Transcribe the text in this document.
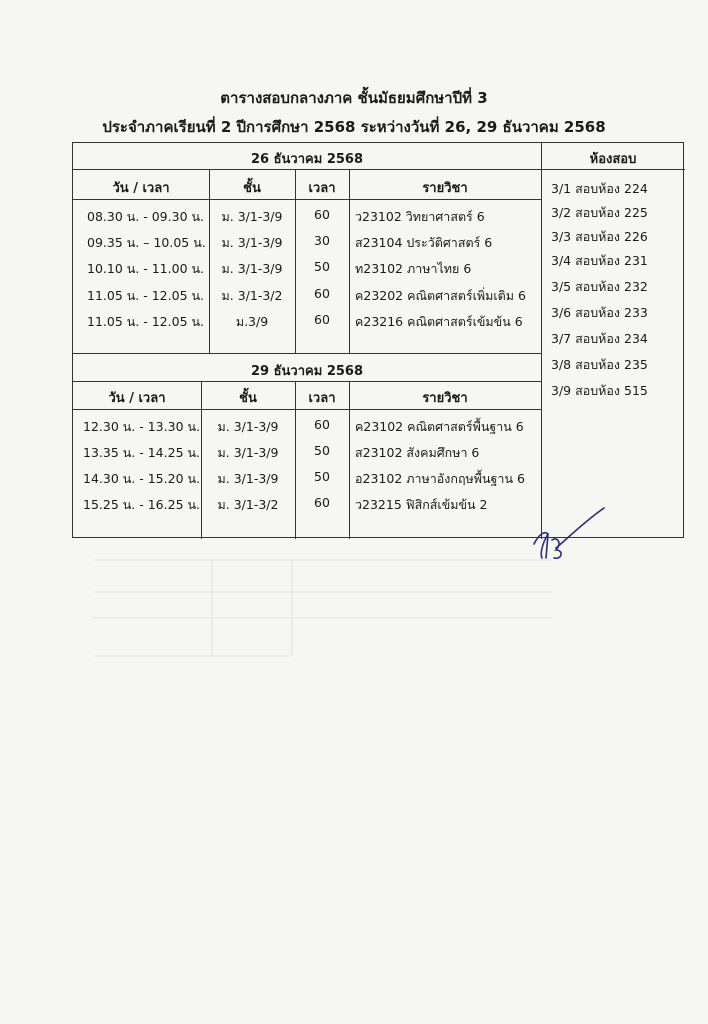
ตารางสอบกลางภาค ชั้นมัธยมศึกษาปีที่ 3
ประจำภาคเรียนที่ 2 ปีการศึกษา 2568 ระหว่างวันที่ 26, 29 ธันวาคม 2568
26 ธันวาคม 2568
วัน / เวลา	ชั้น	เวลา	รายวิชา
08.30 น. - 09.30 น.	ม. 3/1-3/9	60	ว23102 วิทยาศาสตร์ 6
09.35 น. – 10.05 น.	ม. 3/1-3/9	30	ส23104 ประวัติศาสตร์ 6
10.10 น. - 11.00 น.	ม. 3/1-3/9	50	ท23102 ภาษาไทย 6
11.05 น. - 12.05 น.	ม. 3/1-3/2	60	ค23202 คณิตศาสตร์เพิ่มเติม 6
11.05 น. - 12.05 น.	ม.3/9	60	ค23216 คณิตศาสตร์เข้มข้น 6
29 ธันวาคม 2568
วัน / เวลา	ชั้น	เวลา	รายวิชา
12.30 น. - 13.30 น.	ม. 3/1-3/9	60	ค23102 คณิตศาสตร์พื้นฐาน 6
13.35 น. - 14.25 น.	ม. 3/1-3/9	50	ส23102 สังคมศึกษา 6
14.30 น. - 15.20 น.	ม. 3/1-3/9	50	อ23102 ภาษาอังกฤษพื้นฐาน 6
15.25 น. - 16.25 น.	ม. 3/1-3/2	60	ว23215 ฟิสิกส์เข้มข้น 2
ห้องสอบ
3/1 สอบห้อง 224
3/2 สอบห้อง 225
3/3 สอบห้อง 226
3/4 สอบห้อง 231
3/5 สอบห้อง 232
3/6 สอบห้อง 233
3/7 สอบห้อง 234
3/8 สอบห้อง 235
3/9 สอบห้อง 515
